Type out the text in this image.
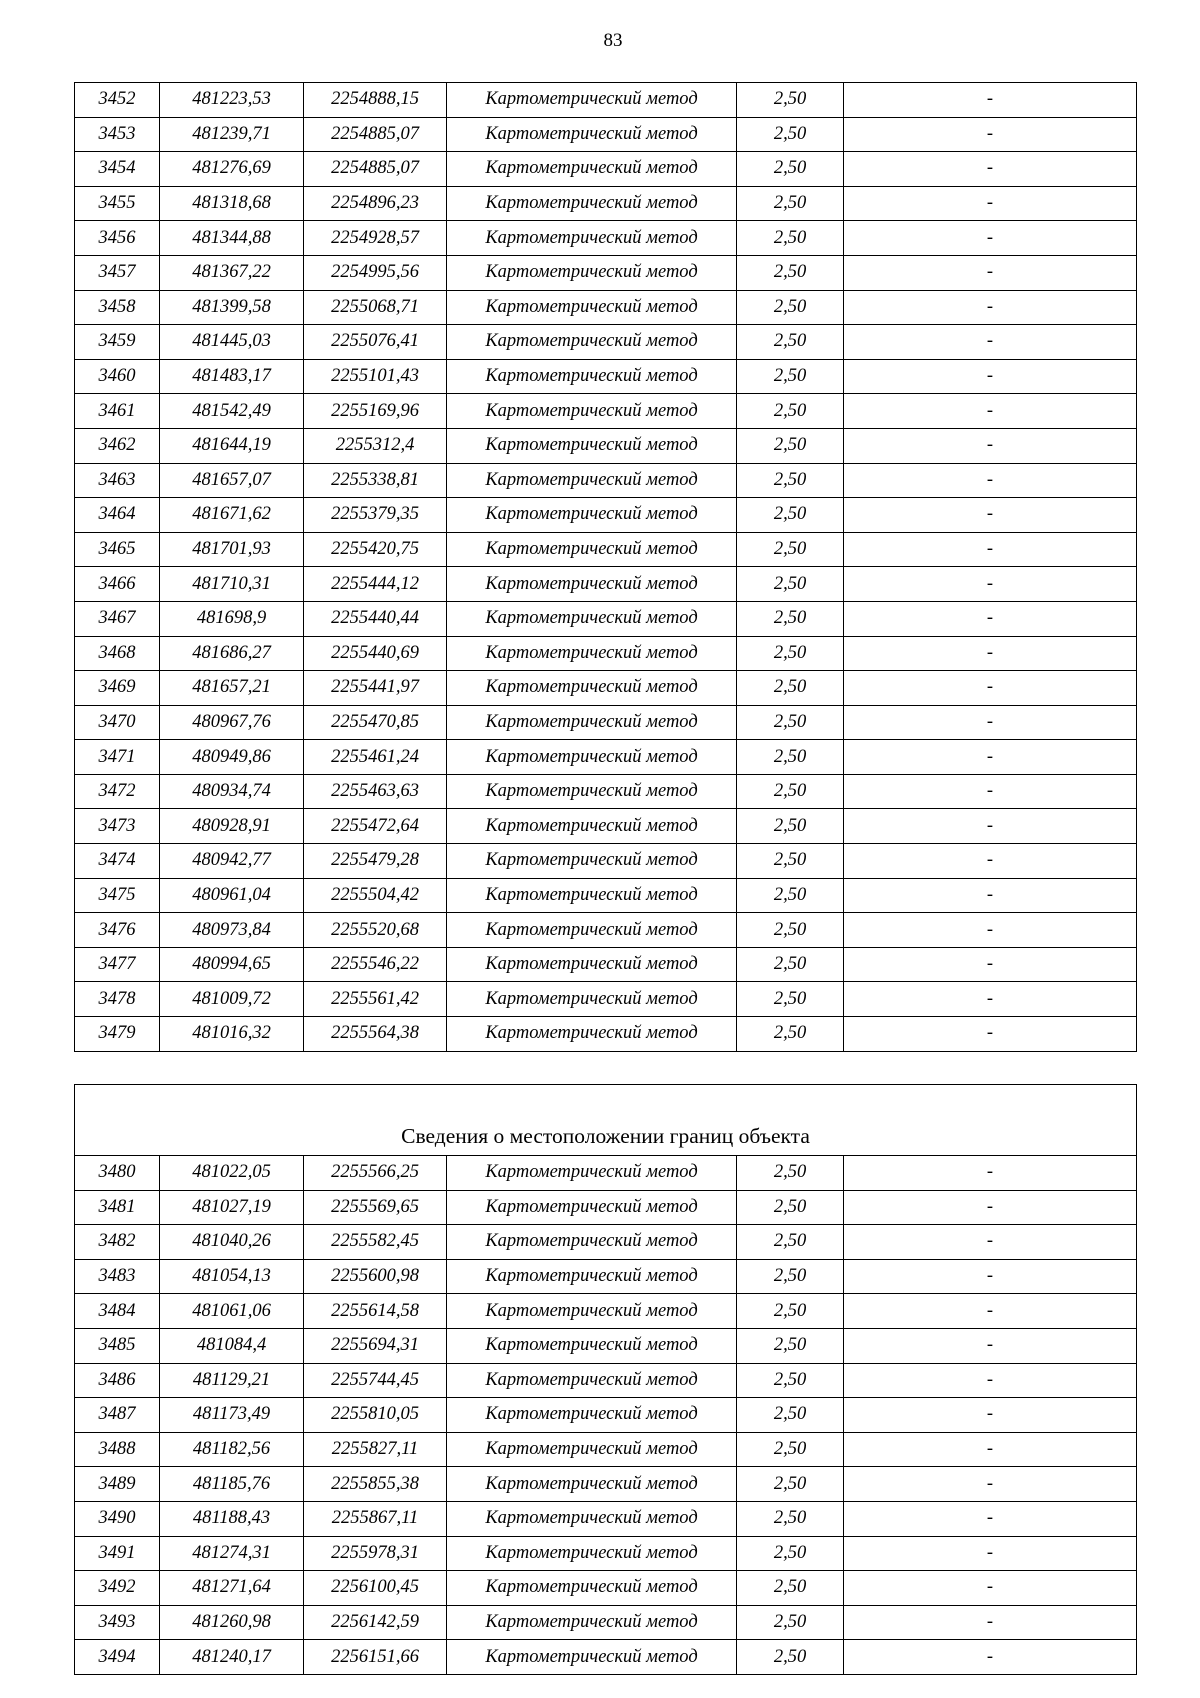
83
3452	481223,53	2254888,15	Картометрический метод	2,50	-
3453	481239,71	2254885,07	Картометрический метод	2,50	-
3454	481276,69	2254885,07	Картометрический метод	2,50	-
3455	481318,68	2254896,23	Картометрический метод	2,50	-
3456	481344,88	2254928,57	Картометрический метод	2,50	-
3457	481367,22	2254995,56	Картометрический метод	2,50	-
3458	481399,58	2255068,71	Картометрический метод	2,50	-
3459	481445,03	2255076,41	Картометрический метод	2,50	-
3460	481483,17	2255101,43	Картометрический метод	2,50	-
3461	481542,49	2255169,96	Картометрический метод	2,50	-
3462	481644,19	2255312,4	Картометрический метод	2,50	-
3463	481657,07	2255338,81	Картометрический метод	2,50	-
3464	481671,62	2255379,35	Картометрический метод	2,50	-
3465	481701,93	2255420,75	Картометрический метод	2,50	-
3466	481710,31	2255444,12	Картометрический метод	2,50	-
3467	481698,9	2255440,44	Картометрический метод	2,50	-
3468	481686,27	2255440,69	Картометрический метод	2,50	-
3469	481657,21	2255441,97	Картометрический метод	2,50	-
3470	480967,76	2255470,85	Картометрический метод	2,50	-
3471	480949,86	2255461,24	Картометрический метод	2,50	-
3472	480934,74	2255463,63	Картометрический метод	2,50	-
3473	480928,91	2255472,64	Картометрический метод	2,50	-
3474	480942,77	2255479,28	Картометрический метод	2,50	-
3475	480961,04	2255504,42	Картометрический метод	2,50	-
3476	480973,84	2255520,68	Картометрический метод	2,50	-
3477	480994,65	2255546,22	Картометрический метод	2,50	-
3478	481009,72	2255561,42	Картометрический метод	2,50	-
3479	481016,32	2255564,38	Картометрический метод	2,50	-
Сведения о местоположении границ объекта					
3480	481022,05	2255566,25	Картометрический метод	2,50	-
3481	481027,19	2255569,65	Картометрический метод	2,50	-
3482	481040,26	2255582,45	Картометрический метод	2,50	-
3483	481054,13	2255600,98	Картометрический метод	2,50	-
3484	481061,06	2255614,58	Картометрический метод	2,50	-
3485	481084,4	2255694,31	Картометрический метод	2,50	-
3486	481129,21	2255744,45	Картометрический метод	2,50	-
3487	481173,49	2255810,05	Картометрический метод	2,50	-
3488	481182,56	2255827,11	Картометрический метод	2,50	-
3489	481185,76	2255855,38	Картометрический метод	2,50	-
3490	481188,43	2255867,11	Картометрический метод	2,50	-
3491	481274,31	2255978,31	Картометрический метод	2,50	-
3492	481271,64	2256100,45	Картометрический метод	2,50	-
3493	481260,98	2256142,59	Картометрический метод	2,50	-
3494	481240,17	2256151,66	Картометрический метод	2,50	-
